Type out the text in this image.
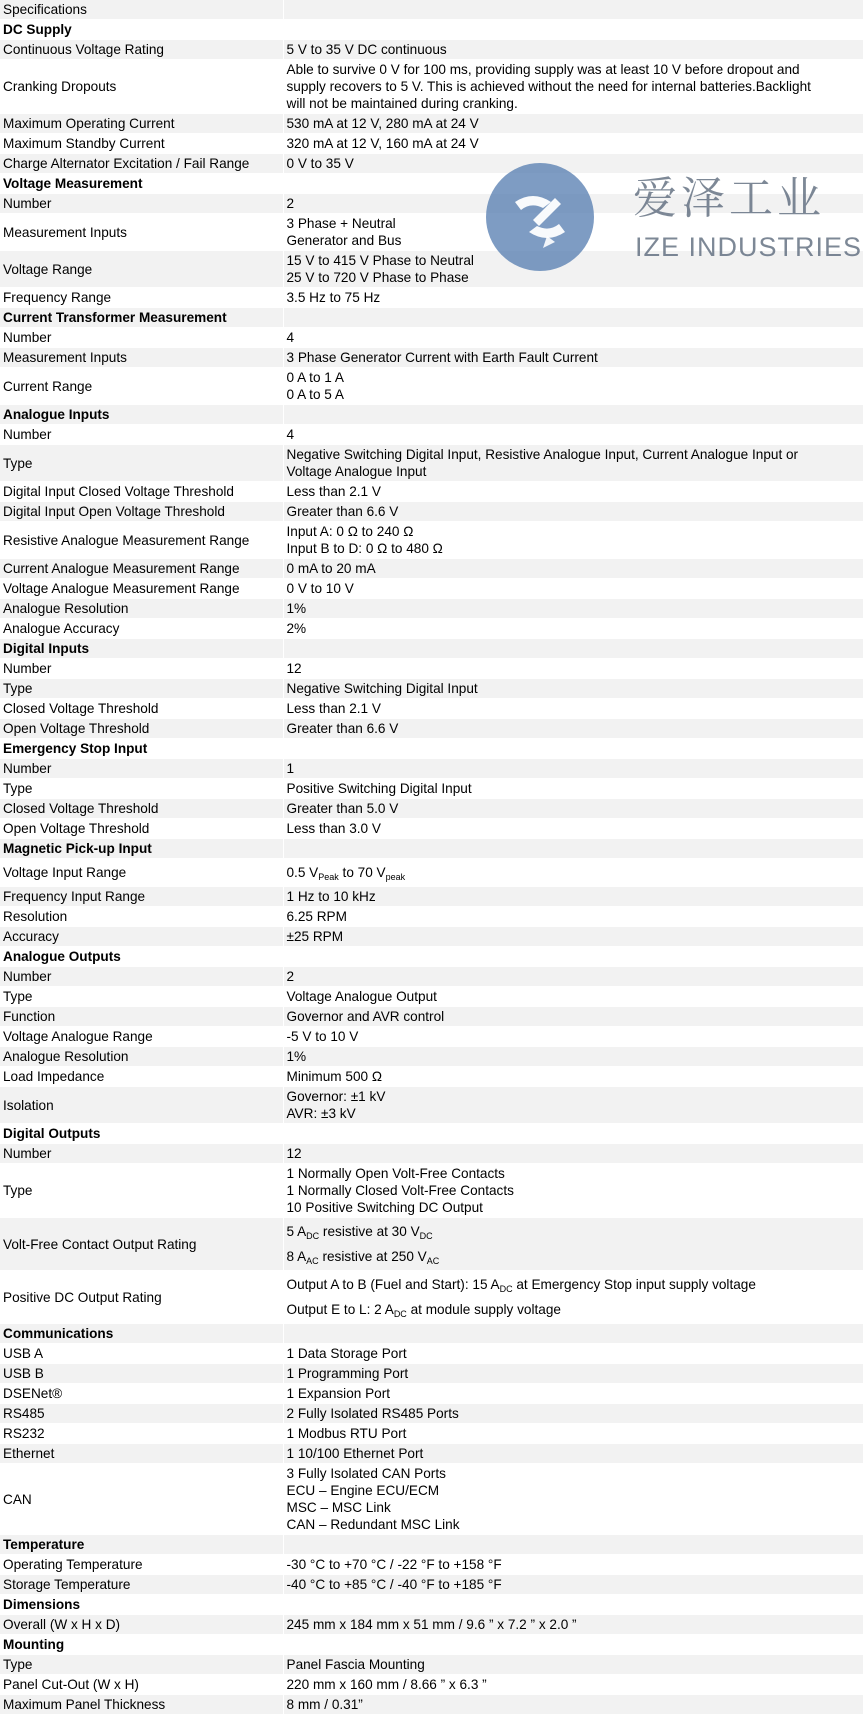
Specifications	
DC Supply	
Continuous Voltage Rating	5 V to 35 V DC continuous

Cranking Dropouts	Able to survive 0 V for 100 ms, providing supply was at least 10 V before dropout and
supply recovers to 5 V. This is achieved without the need for internal batteries.Backlight
will not be maintained during cranking.

Maximum Operating Current	530 mA at 12 V, 280 mA at 24 V

Maximum Standby Current	320 mA at 12 V, 160 mA at 24 V

Charge Alternator Excitation / Fail Range	0 V to 35 V

Voltage Measurement	
Number	2

Measurement Inputs	3 Phase + Neutral
Generator and Bus

Voltage Range	15 V to 415 V Phase to Neutral
25 V to 720 V Phase to Phase

Frequency Range	3.5 Hz to 75 Hz

Current Transformer Measurement	
Number	4

Measurement Inputs	3 Phase Generator Current with Earth Fault Current

Current Range	0 A to 1 A
0 A to 5 A

Analogue Inputs	
Number	4

Type	Negative Switching Digital Input, Resistive Analogue Input, Current Analogue Input or
Voltage Analogue Input

Digital Input Closed Voltage Threshold	Less than 2.1 V

Digital Input Open Voltage Threshold	Greater than 6.6 V

Resistive Analogue Measurement Range	Input A: 0 Ω to 240 Ω
Input B to D: 0 Ω to 480 Ω

Current Analogue Measurement Range	0 mA to 20 mA

Voltage Analogue Measurement Range	0 V to 10 V

Analogue Resolution	1%

Analogue Accuracy	2%

Digital Inputs	
Number	12

Type	Negative Switching Digital Input

Closed Voltage Threshold	Less than 2.1 V

Open Voltage Threshold	Greater than 6.6 V

Emergency Stop Input	
Number	1

Type	Positive Switching Digital Input

Closed Voltage Threshold	Greater than 5.0 V

Open Voltage Threshold	Less than 3.0 V

Magnetic Pick-up Input	
Voltage Input Range	0.5 $V_{Peak}$ to 70 $V_{peak}$

Frequency Input Range	1 Hz to 10 kHz

Resolution	6.25 RPM

Accuracy	±25 RPM

Analogue Outputs	
Number	2

Type	Voltage Analogue Output

Function	Governor and AVR control

Voltage Analogue Range	-5 V to 10 V

Analogue Resolution	1%

Load Impedance	Minimum 500 Ω

Isolation	Governor: ±1 kV
AVR: ±3 kV

Digital Outputs	
Number	12

Type	1 Normally Open Volt-Free Contacts
1 Normally Closed Volt-Free Contacts
10 Positive Switching DC Output

Volt-Free Contact Output Rating	5 $A_{DC}$ resistive at 30 $V_{DC}$
8 $A_{AC}$ resistive at 250 $V_{AC}$

Positive DC Output Rating	Output A to B (Fuel and Start): 15 $A_{DC}$ at Emergency Stop input supply voltage
Output E to L: 2 $A_{DC}$ at module supply voltage

Communications	
USB A	1 Data Storage Port

USB B	1 Programming Port

DSENet®	1 Expansion Port

RS485	2 Fully Isolated RS485 Ports

RS232	1 Modbus RTU Port

Ethernet	1 10/100 Ethernet Port

CAN	3 Fully Isolated CAN Ports
ECU – Engine ECU/ECM
MSC – MSC Link
CAN – Redundant MSC Link

Temperature	
Operating Temperature	-30 °C to +70 °C / -22 °F to +158 °F

Storage Temperature	-40 °C to +85 °C / -40 °F to +185 °F

Dimensions	
Overall (W x H x D)	245 mm x 184 mm x 51 mm / 9.6 ” x 7.2 ” x 2.0 ”

Mounting	
Type	Panel Fascia Mounting

Panel Cut-Out (W x H)	220 mm x 160 mm / 8.66 ” x 6.3 ”

Maximum Panel Thickness	8 mm / 0.31”
爱泽工业
IZE INDUSTRIES
